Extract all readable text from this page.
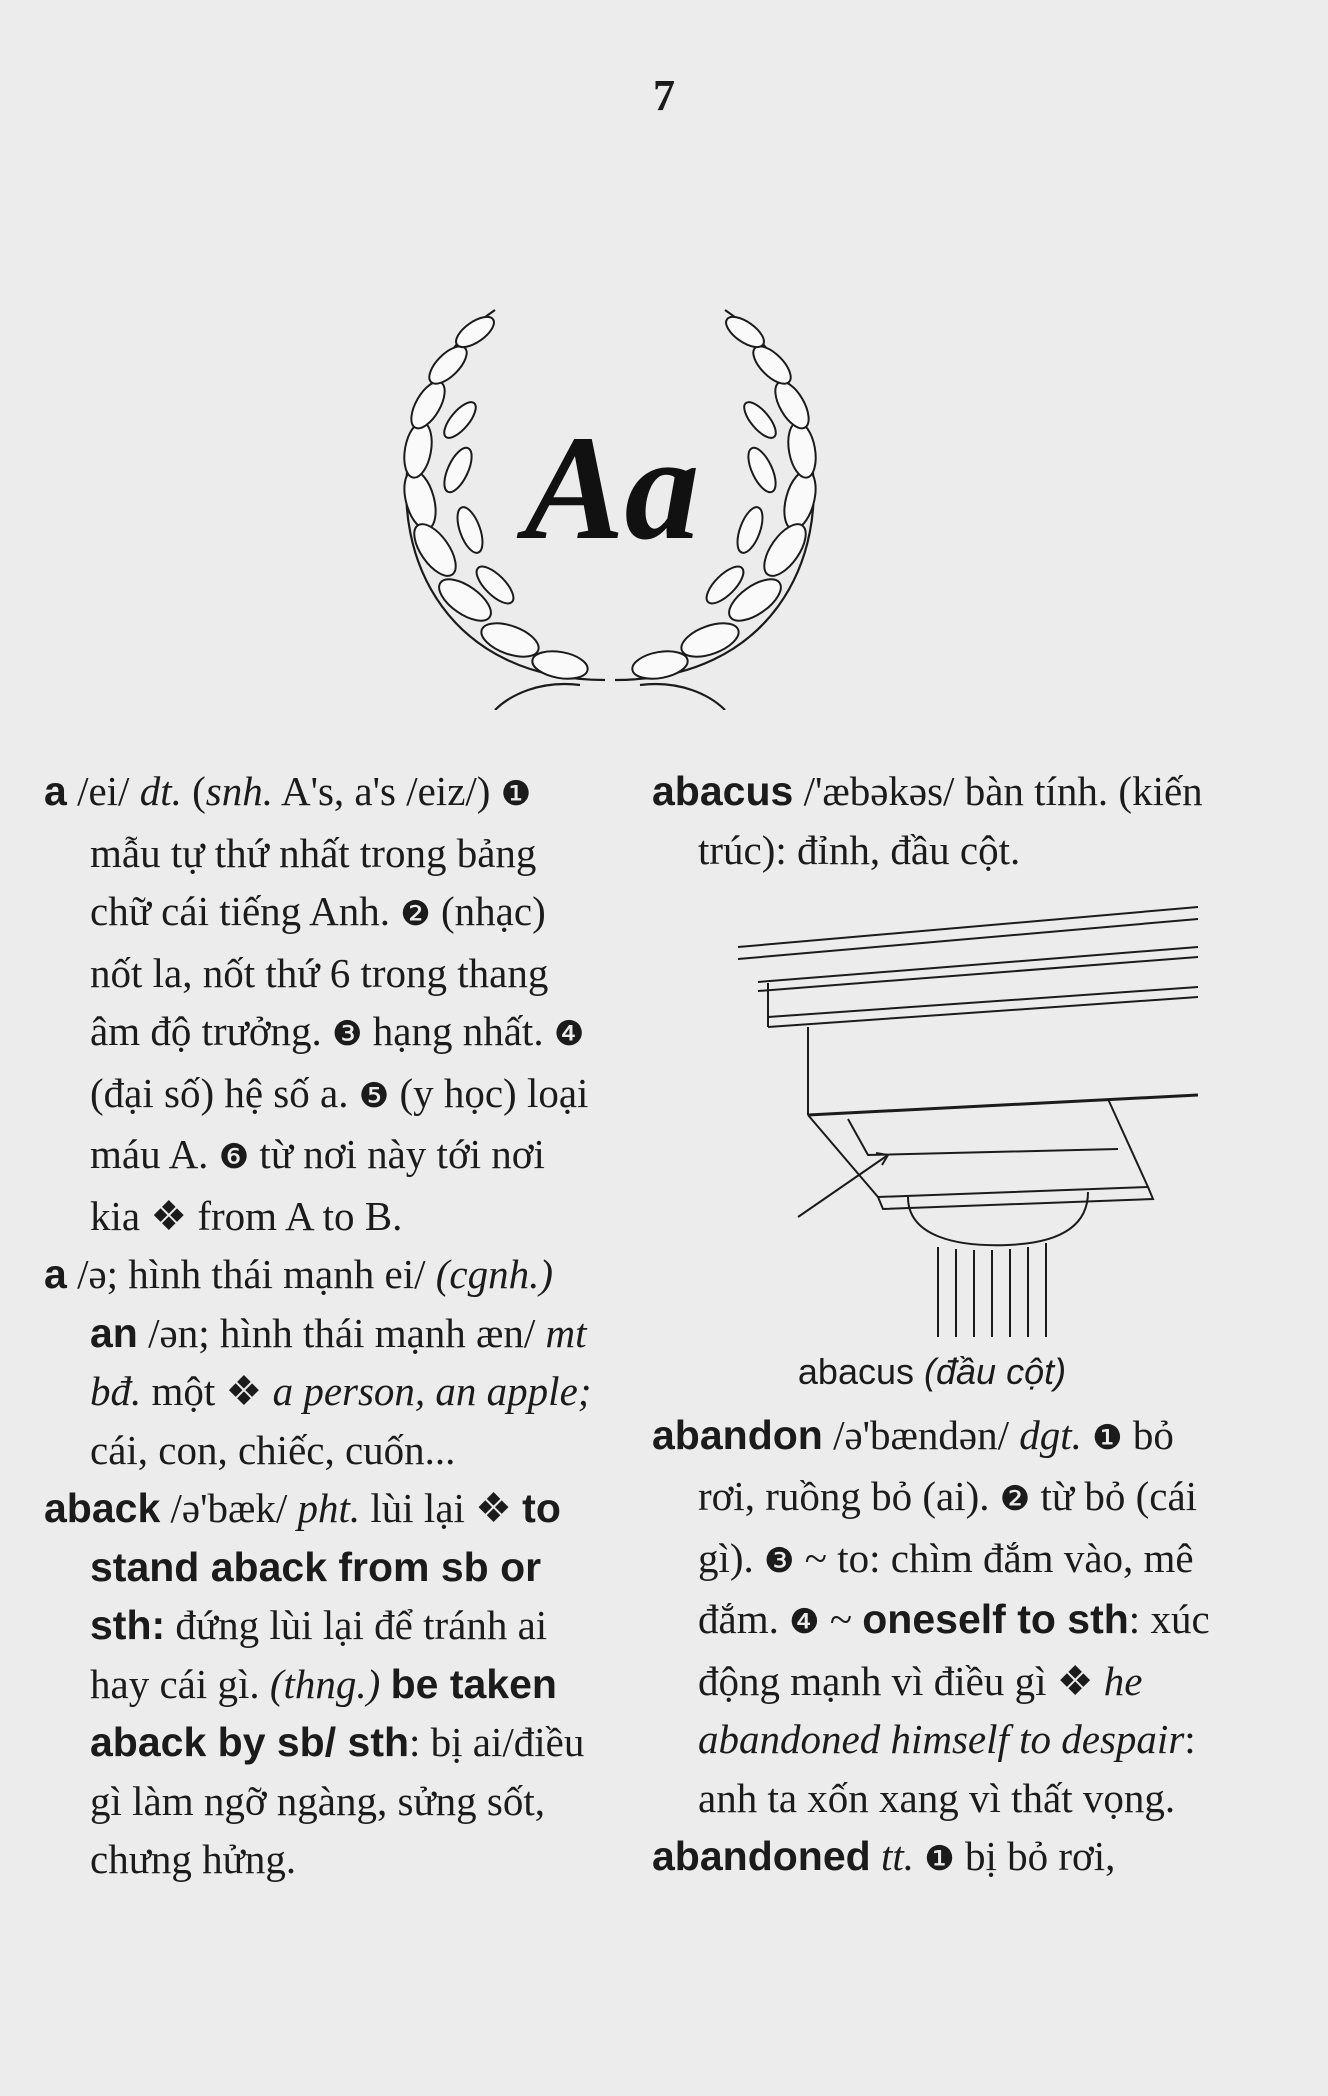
7
Aa

a /ei/ dt. (snh. A's, a's /eiz/) ❶ mẫu tự thứ nhất trong bảng chữ cái tiếng Anh. ❷ (nhạc) nốt la, nốt thứ 6 trong thang âm độ trưởng. ❸ hạng nhất. ❹ (đại số) hệ số a. ❺ (y học) loại máu A. ❻ từ nơi này tới nơi kia ❖ from A to B.

a /ə; hình thái mạnh ei/ (cgnh.) an /ən; hình thái mạnh æn/ mt bđ. một ❖ a person, an apple; cái, con, chiếc, cuốn...

aback /ə'bæk/ pht. lùi lại ❖ to stand aback from sb or sth: đứng lùi lại để tránh ai hay cái gì. (thng.) be taken aback by sb/ sth: bị ai/điều gì làm ngỡ ngàng, sửng sốt, chưng hửng.

abacus /'æbəkəs/ bàn tính. (kiến trúc): đỉnh, đầu cột.

abacus (đầu cột)

abandon /ə'bændən/ dgt. ❶ bỏ rơi, ruồng bỏ (ai). ❷ từ bỏ (cái gì). ❸ ~ to: chìm đắm vào, mê đắm. ❹ ~ oneself to sth: xúc động mạnh vì điều gì ❖ he abandoned himself to despair: anh ta xốn xang vì thất vọng.

abandoned tt. ❶ bị bỏ rơi,
